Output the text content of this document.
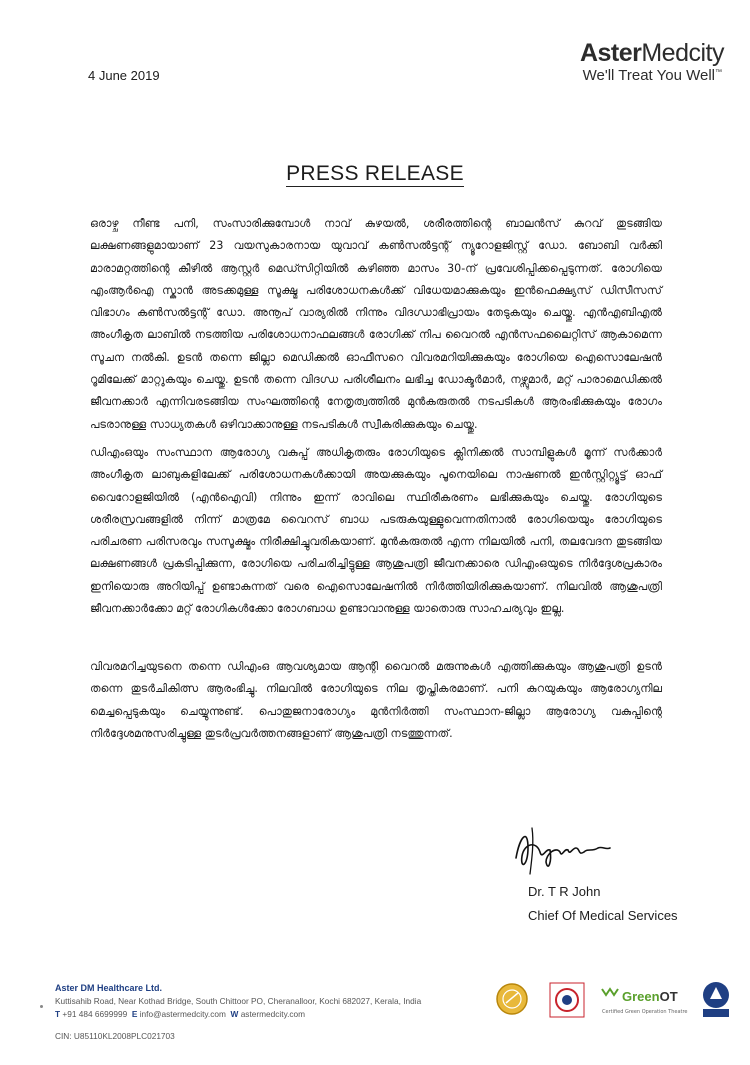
4 June 2019
AsterMedcity
We'll Treat You Well™
PRESS RELEASE
ഒരാഴ്ച നീണ്ട പനി, സംസാരിക്കുമ്പോൾ നാവ് കുഴയൽ, ശരീരത്തിന്റെ ബാലൻസ് കുറവ് തുടങ്ങിയ ലക്ഷണങ്ങളുമായാണ് 23 വയസുകാരനായ യുവാവ് കൺസൽട്ടന്റ് ന്യൂറോളജിസ്റ്റ് ഡോ. ബോബി വർക്കി മാരാമറ്റത്തിന്റെ കീഴിൽ ആസ്റ്റർ മെഡ്സിറ്റിയിൽ കഴിഞ്ഞ മാസം 30-ന് പ്രവേശിപ്പിക്കപ്പെടുന്നത്. രോഗിയെ എം‌ആർ‌ഐ സ്കാൻ അടക്കമുള്ള സൂക്ഷ്മ പരിശോധനകൾക്ക് വിധേയമാക്കുകയും ഇൻഫെക്ഷ്യസ് ഡിസീസസ് വിഭാഗം കൺസൽട്ടന്റ് ഡോ. അനൂപ് വാര്യരിൽ നിന്നും വിദഗ്ധാഭിപ്രായം തേടുകയും ചെയ്തു. എൻഎബിഎൽ അംഗീകൃത ലാബിൽ നടത്തിയ പരിശോധനാഫലങ്ങൾ രോഗിക്ക് നിപ വൈറൽ എൻസഫലൈറ്റിസ് ആകാമെന്ന സൂചന നൽകി. ഉടൻ തന്നെ ജില്ലാ മെഡിക്കൽ ഓഫീസറെ വിവരമറിയിക്കുകയും രോഗിയെ ഐസൊലേഷൻ റൂമിലേക്ക് മാറ്റുകയും ചെയ്തു. ഉടൻ തന്നെ വിദഗ്ധ പരിശീലനം ലഭിച്ച ഡോക്ടർമാർ, നഴ്സുമാർ, മറ്റ് പാരാമെഡിക്കൽ ജീവനക്കാർ എന്നിവരടങ്ങിയ സംഘത്തിന്റെ നേതൃത്വത്തിൽ മുൻകരുതൽ നടപടികൾ ആരംഭിക്കുകയും രോഗം പടരാനുള്ള സാധ്യതകൾ ഒഴിവാക്കാനുള്ള നടപടികൾ സ്വീകരിക്കുകയും ചെയ്തു.
ഡിഎംഒയും സംസ്ഥാന ആരോഗ്യ വകുപ്പ് അധികൃതരും രോഗിയുടെ ക്ലിനിക്കൽ സാമ്പിളുകൾ മൂന്ന് സർക്കാർ അംഗീകൃത ലാബുകളിലേക്ക് പരിശോധനകൾക്കായി അയക്കുകയും പൂനെയിലെ നാഷണൽ ഇൻസ്റ്റിറ്റ്യൂട്ട് ഓഫ് വൈറോളജിയിൽ (എൻഐവി) നിന്നും ഇന്ന് രാവിലെ സ്ഥിരീകരണം ലഭിക്കുകയും ചെയ്തു. രോഗിയുടെ ശരീരസ്രവങ്ങളിൽ നിന്ന് മാത്രമേ വൈറസ് ബാധ പടരുകയുള്ളുവെന്നതിനാൽ രോഗിയെയും രോഗിയുടെ പരിചരണ പരിസരവും സസൂക്ഷ്മം നിരീക്ഷിച്ചുവരികയാണ്. മുൻകരുതൽ എന്ന നിലയിൽ പനി, തലവേദന തുടങ്ങിയ ലക്ഷണങ്ങൾ പ്രകടിപ്പിക്കുന്ന, രോഗിയെ പരിചരിച്ചിട്ടുള്ള ആശുപത്രി ജീവനക്കാരെ ഡിഎംഒയുടെ നിർദ്ദേശപ്രകാരം ഇനിയൊരു അറിയിപ്പ് ഉണ്ടാകുന്നത് വരെ ഐസൊലേഷനിൽ നിർത്തിയിരിക്കുകയാണ്. നിലവിൽ ആശുപത്രി ജീവനക്കാർക്കോ മറ്റ് രോഗികൾക്കോ രോഗബാധ ഉണ്ടാവാനുള്ള യാതൊരു സാഹചര്യവും ഇല്ല.
വിവരമറിച്ചയുടനെ തന്നെ ഡിഎംഒ ആവശ്യമായ ആന്റി വൈറൽ മരുന്നുകൾ എത്തിക്കുകയും ആശുപത്രി ഉടൻ തന്നെ തുടർചികിത്സ ആരംഭിച്ചു. നിലവിൽ രോഗിയുടെ നില തൃപ്തികരമാണ്. പനി കുറയുകയും ആരോഗ്യനില മെച്ചപ്പെടുകയും ചെയ്യുന്നുണ്ട്. പൊതുജനാരോഗ്യം മുൻനിർത്തി സംസ്ഥാന-ജില്ലാ ആരോഗ്യ വകുപ്പിന്റെ നിർദ്ദേശമനുസരിച്ചുള്ള തുടർപ്രവർത്തനങ്ങളാണ് ആശുപത്രി നടത്തുന്നത്.
Dr. T R John
Chief Of Medical Services
Aster DM Healthcare Ltd.
Kuttisahib Road, Near Kothad Bridge, South Chittoor PO, Cheranalloor, Kochi 682027, Kerala, India
T +91 484 6699999 E info@astermedcity.com W astermedcity.com
CIN: U85110KL2008PLC021703
GreenOT
Certified Green Operation Theatre
